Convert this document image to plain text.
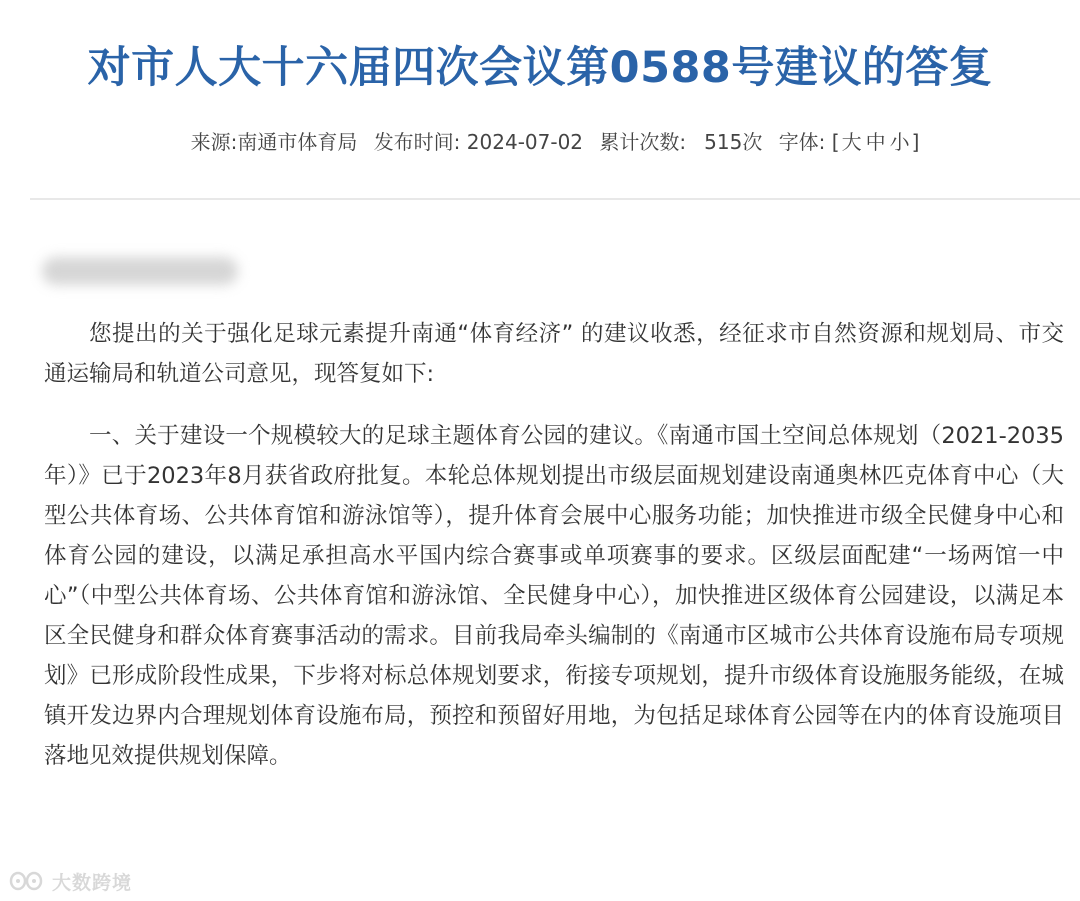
对市人大十六届四次会议第0588号建议的答复
来源:南通市体育局 发布时间: 2024-07-02 累计次数: 515次 字体: [ 大 中 小 ]

您提出的关于强化足球元素提升南通“体育经济” 的建议收悉，经征求市自然资源和规划局、市交通运输局和轨道公司意见，现答复如下:

一、关于建设一个规模较大的足球主题体育公园的建议。《南通市国土空间总体规划（2021-2035年）》已于2023年8月获省政府批复。本轮总体规划提出市级层面规划建设南通奥林匹克体育中心（大型公共体育场、公共体育馆和游泳馆等），提升体育会展中心服务功能；加快推进市级全民健身中心和体育公园的建设，以满足承担高水平国内综合赛事或单项赛事的要求。区级层面配建“一场两馆一中心”（中型公共体育场、公共体育馆和游泳馆、全民健身中心），加快推进区级体育公园建设，以满足本区全民健身和群众体育赛事活动的需求。目前我局牵头编制的《南通市区城市公共体育设施布局专项规划》已形成阶段性成果，下步将对标总体规划要求，衔接专项规划，提升市级体育设施服务能级，在城镇开发边界内合理规划体育设施布局，预控和预留好用地，为包括足球体育公园等在内的体育设施项目落地见效提供规划保障。

大数跨境
